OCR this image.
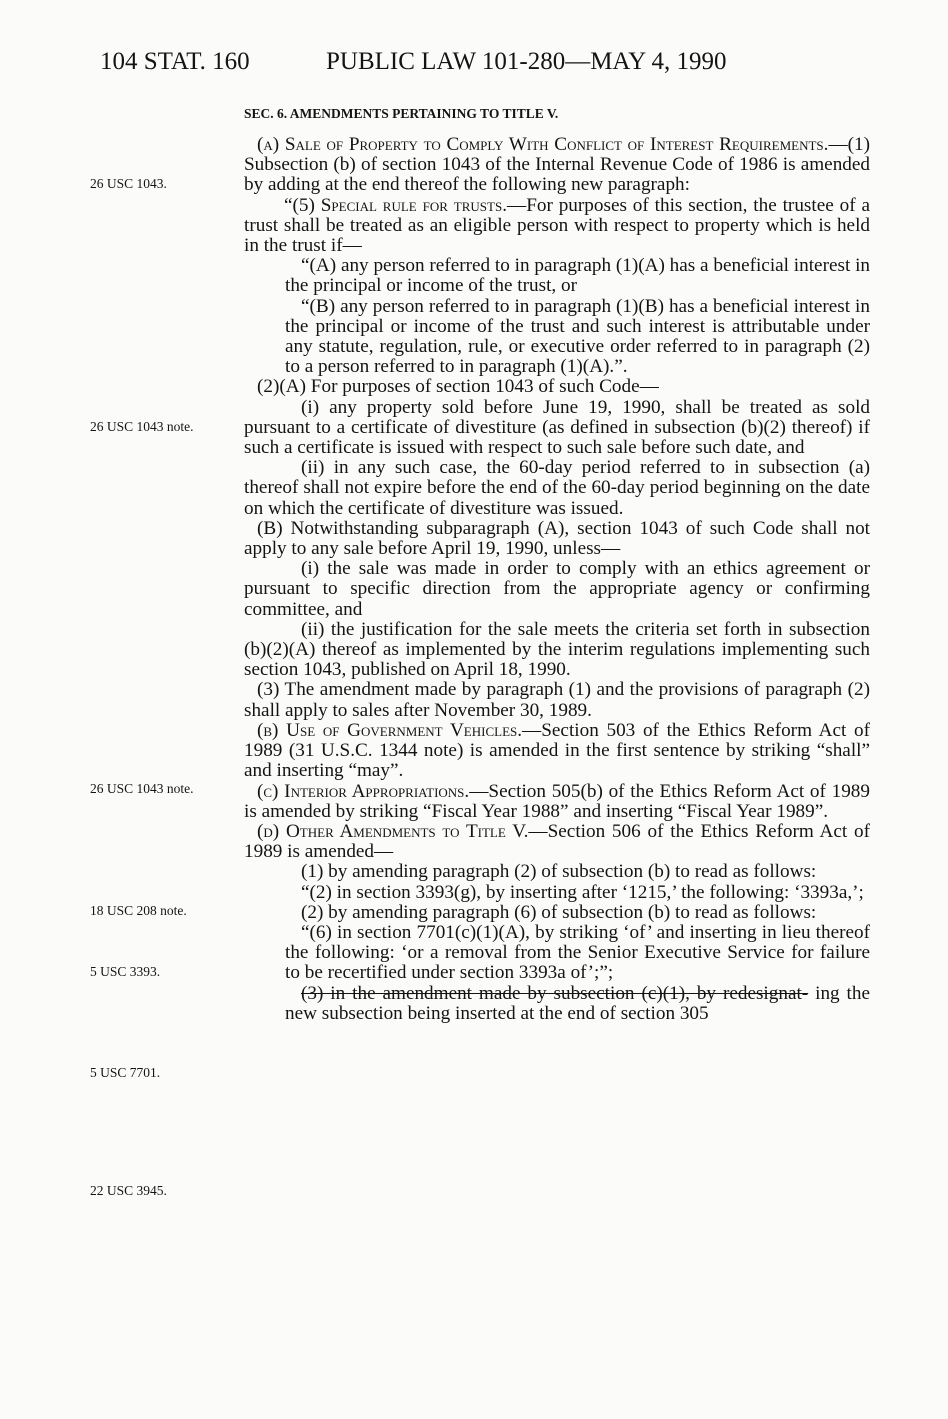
104 STAT. 160	PUBLIC LAW 101-280—MAY 4, 1990
26 USC 1043.
26 USC 1043 note.
26 USC 1043 note.
18 USC 208 note.
5 USC 3393.
5 USC 7701.
22 USC 3945.

SEC. 6. AMENDMENTS PERTAINING TO TITLE V.

(a) Sale of Property to Comply With Conflict of Interest Requirements.—(1) Subsection (b) of section 1043 of the Internal Revenue Code of 1986 is amended by adding at the end thereof the following new paragraph:

“(5) Special rule for trusts.—For purposes of this section, the trustee of a trust shall be treated as an eligible person with respect to property which is held in the trust if—

“(A) any person referred to in paragraph (1)(A) has a beneficial interest in the principal or income of the trust, or

“(B) any person referred to in paragraph (1)(B) has a beneficial interest in the principal or income of the trust and such interest is attributable under any statute, regulation, rule, or executive order referred to in paragraph (2) to a person referred to in paragraph (1)(A).”.

(2)(A) For purposes of section 1043 of such Code—

(i) any property sold before June 19, 1990, shall be treated as sold pursuant to a certificate of divestiture (as defined in subsection (b)(2) thereof) if such a certificate is issued with respect to such sale before such date, and

(ii) in any such case, the 60-day period referred to in subsection (a) thereof shall not expire before the end of the 60-day period beginning on the date on which the certificate of divestiture was issued.

(B) Notwithstanding subparagraph (A), section 1043 of such Code shall not apply to any sale before April 19, 1990, unless—

(i) the sale was made in order to comply with an ethics agreement or pursuant to specific direction from the appropriate agency or confirming committee, and

(ii) the justification for the sale meets the criteria set forth in subsection (b)(2)(A) thereof as implemented by the interim regulations implementing such section 1043, published on April 18, 1990.

(3) The amendment made by paragraph (1) and the provisions of paragraph (2) shall apply to sales after November 30, 1989.

(b) Use of Government Vehicles.—Section 503 of the Ethics Reform Act of 1989 (31 U.S.C. 1344 note) is amended in the first sentence by striking “shall” and inserting “may”.

(c) Interior Appropriations.—Section 505(b) of the Ethics Reform Act of 1989 is amended by striking “Fiscal Year 1988” and inserting “Fiscal Year 1989”.

(d) Other Amendments to Title V.—Section 506 of the Ethics Reform Act of 1989 is amended—

(1) by amending paragraph (2) of subsection (b) to read as follows:

“(2) in section 3393(g), by inserting after ‘1215,’ the following: ‘3393a,’;

(2) by amending paragraph (6) of subsection (b) to read as follows:

“(6) in section 7701(c)(1)(A), by striking ‘of’ and inserting in lieu thereof the following: ‘or a removal from the Senior Executive Service for failure to be recertified under section 3393a of’;”;

(3) in the amendment made by subsection (c)(1), by redesignat- ing the new subsection being inserted at the end of section 305
